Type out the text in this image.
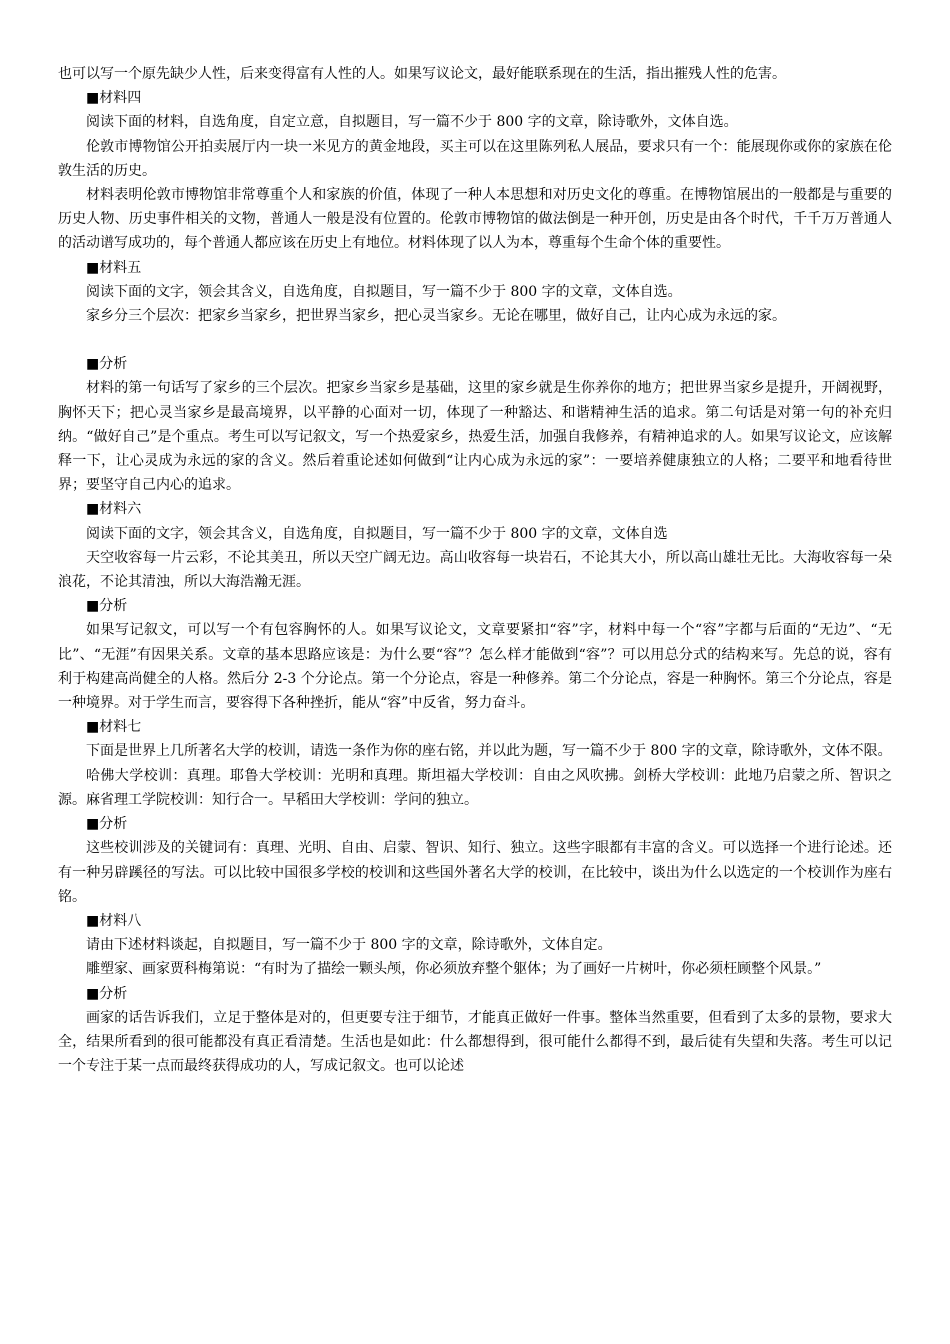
也可以写一个原先缺少人性，后来变得富有人性的人。如果写议论文，最好能联系现在的生活，指出摧残人性的危害。

■材料四

阅读下面的材料，自选角度，自定立意，自拟题目，写一篇不少于 800 字的文章，除诗歌外，文体自选。

伦敦市博物馆公开拍卖展厅内一块一米见方的黄金地段，买主可以在这里陈列私人展品，要求只有一个：能展现你或你的家族在伦敦生活的历史。

材料表明伦敦市博物馆非常尊重个人和家族的价值，体现了一种人本思想和对历史文化的尊重。在博物馆展出的一般都是与重要的历史人物、历史事件相关的文物，普通人一般是没有位置的。伦敦市博物馆的做法倒是一种开创，历史是由各个时代，千千万万普通人的活动谱写成功的，每个普通人都应该在历史上有地位。材料体现了以人为本，尊重每个生命个体的重要性。

■材料五

阅读下面的文字，领会其含义，自选角度，自拟题目，写一篇不少于 800 字的文章，文体自选。

家乡分三个层次：把家乡当家乡，把世界当家乡，把心灵当家乡。无论在哪里，做好自己，让内心成为永远的家。

■分析

材料的第一句话写了家乡的三个层次。把家乡当家乡是基础，这里的家乡就是生你养你的地方；把世界当家乡是提升，开阔视野，胸怀天下；把心灵当家乡是最高境界，以平静的心面对一切，体现了一种豁达、和谐精神生活的追求。第二句话是对第一句的补充归纳。“做好自己”是个重点。考生可以写记叙文，写一个热爱家乡，热爱生活，加强自我修养，有精神追求的人。如果写议论文，应该解释一下，让心灵成为永远的家的含义。然后着重论述如何做到“让内心成为永远的家”：一要培养健康独立的人格；二要平和地看待世界；要坚守自己内心的追求。

■材料六

阅读下面的文字，领会其含义，自选角度，自拟题目，写一篇不少于 800 字的文章，文体自选

天空收容每一片云彩，不论其美丑，所以天空广阔无边。高山收容每一块岩石，不论其大小，所以高山雄壮无比。大海收容每一朵浪花，不论其清浊，所以大海浩瀚无涯。

■分析

如果写记叙文，可以写一个有包容胸怀的人。如果写议论文，文章要紧扣“容”字，材料中每一个“容”字都与后面的“无边”、“无比”、“无涯”有因果关系。文章的基本思路应该是：为什么要“容”？怎么样才能做到“容”？可以用总分式的结构来写。先总的说，容有利于构建高尚健全的人格。然后分 2-3 个分论点。第一个分论点，容是一种修养。第二个分论点，容是一种胸怀。第三个分论点，容是一种境界。对于学生而言，要容得下各种挫折，能从“容”中反省，努力奋斗。

■材料七

下面是世界上几所著名大学的校训，请选一条作为你的座右铭，并以此为题，写一篇不少于 800 字的文章，除诗歌外，文体不限。

哈佛大学校训：真理。耶鲁大学校训：光明和真理。斯坦福大学校训：自由之风吹拂。剑桥大学校训：此地乃启蒙之所、智识之源。麻省理工学院校训：知行合一。早稻田大学校训：学问的独立。

■分析

这些校训涉及的关键词有：真理、光明、自由、启蒙、智识、知行、独立。这些字眼都有丰富的含义。可以选择一个进行论述。还有一种另辟蹊径的写法。可以比较中国很多学校的校训和这些国外著名大学的校训，在比较中，谈出为什么以选定的一个校训作为座右铭。

■材料八

请由下述材料谈起，自拟题目，写一篇不少于 800 字的文章，除诗歌外，文体自定。

雕塑家、画家贾科梅第说：“有时为了描绘一颗头颅，你必须放弃整个躯体；为了画好一片树叶，你必须枉顾整个风景。”

■分析

画家的话告诉我们，立足于整体是对的，但更要专注于细节，才能真正做好一件事。整体当然重要，但看到了太多的景物，要求大全，结果所看到的很可能都没有真正看清楚。生活也是如此：什么都想得到，很可能什么都得不到，最后徒有失望和失落。考生可以记一个专注于某一点而最终获得成功的人，写成记叙文。也可以论述
